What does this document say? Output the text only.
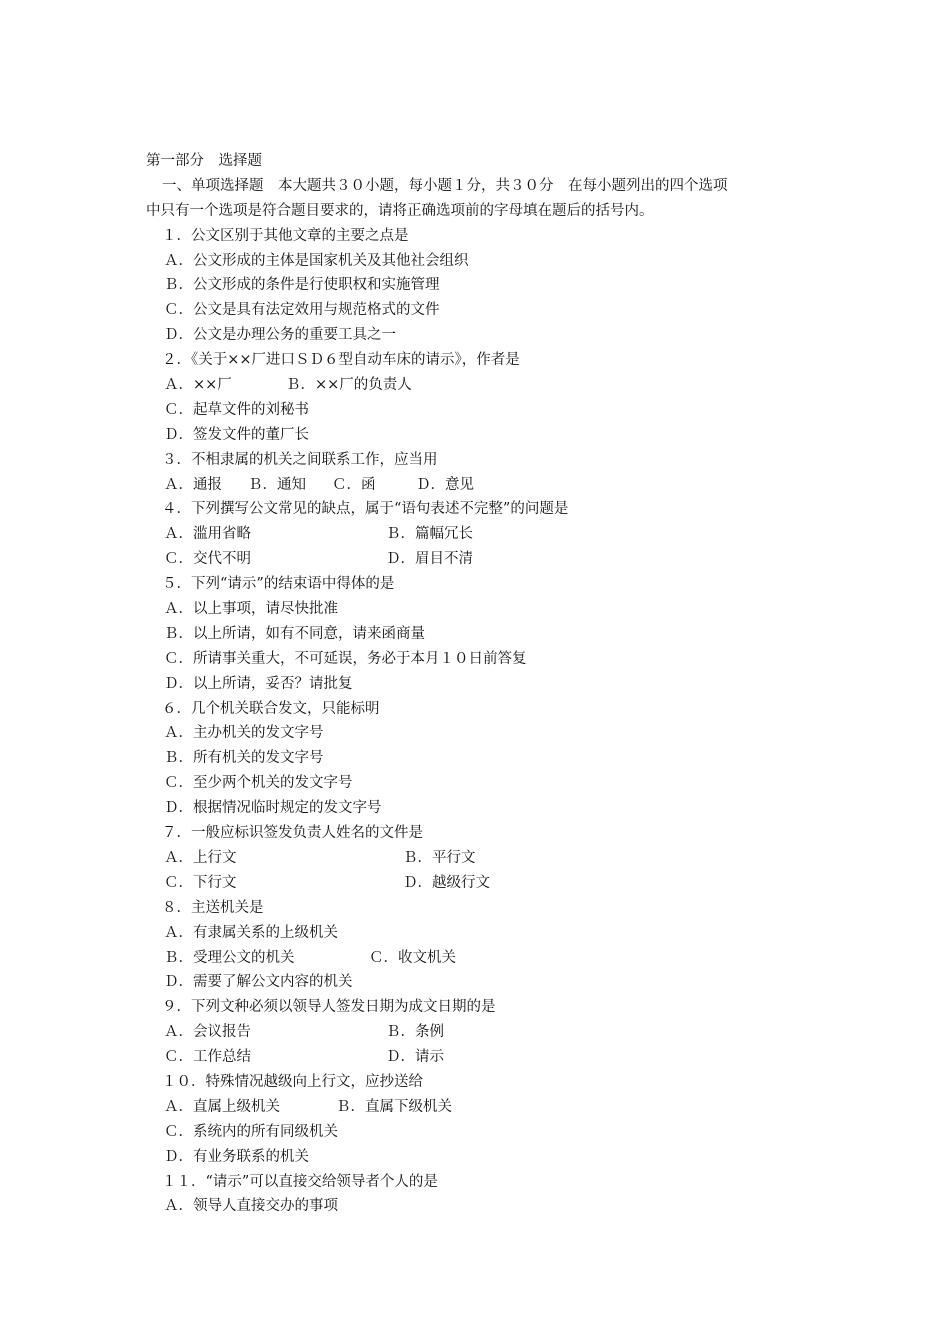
第一部分　选择题
一、单项选择题　本大题共３０小题，每小题１分，共３０分　在每小题列出的四个选项
中只有一个选项是符合题目要求的，请将正确选项前的字母填在题后的括号内。
１．公文区别于其他文章的主要之点是
Ａ．公文形成的主体是国家机关及其他社会组织
Ｂ．公文形成的条件是行使职权和实施管理
Ｃ．公文是具有法定效用与规范格式的文件
Ｄ．公文是办理公务的重要工具之一
２．《关于××厂进口ＳＤ６型自动车床的请示》，作者是
Ａ．××厂	Ｂ．××厂的负责人
Ｃ．起草文件的刘秘书
Ｄ．签发文件的董厂长
３．不相隶属的机关之间联系工作，应当用
Ａ．通报 Ｂ．通知 Ｃ．函	Ｄ．意见
４．下列撰写公文常见的缺点，属于“语句表述不完整”的问题是
Ａ．滥用省略	Ｂ．篇幅冗长
Ｃ．交代不明	Ｄ．眉目不清
５．下列“请示”的结束语中得体的是
Ａ．以上事项，请尽快批准
Ｂ．以上所请，如有不同意，请来函商量
Ｃ．所请事关重大，不可延误，务必于本月１０日前答复
Ｄ．以上所请，妥否？请批复
６．几个机关联合发文，只能标明
Ａ．主办机关的发文字号
Ｂ．所有机关的发文字号
Ｃ．至少两个机关的发文字号
Ｄ．根据情况临时规定的发文字号
７．一般应标识签发负责人姓名的文件是
Ａ．上行文	Ｂ．平行文
Ｃ．下行文	Ｄ．越级行文
８．主送机关是
Ａ．有隶属关系的上级机关
Ｂ．受理公文的机关	Ｃ．收文机关
Ｄ．需要了解公文内容的机关
９．下列文种必须以领导人签发日期为成文日期的是
Ａ．会议报告	Ｂ．条例
Ｃ．工作总结	Ｄ．请示
１０．特殊情况越级向上行文，应抄送给
Ａ．直属上级机关	Ｂ．直属下级机关
Ｃ．系统内的所有同级机关
Ｄ．有业务联系的机关
１１．“请示”可以直接交给领导者个人的是
Ａ．领导人直接交办的事项
